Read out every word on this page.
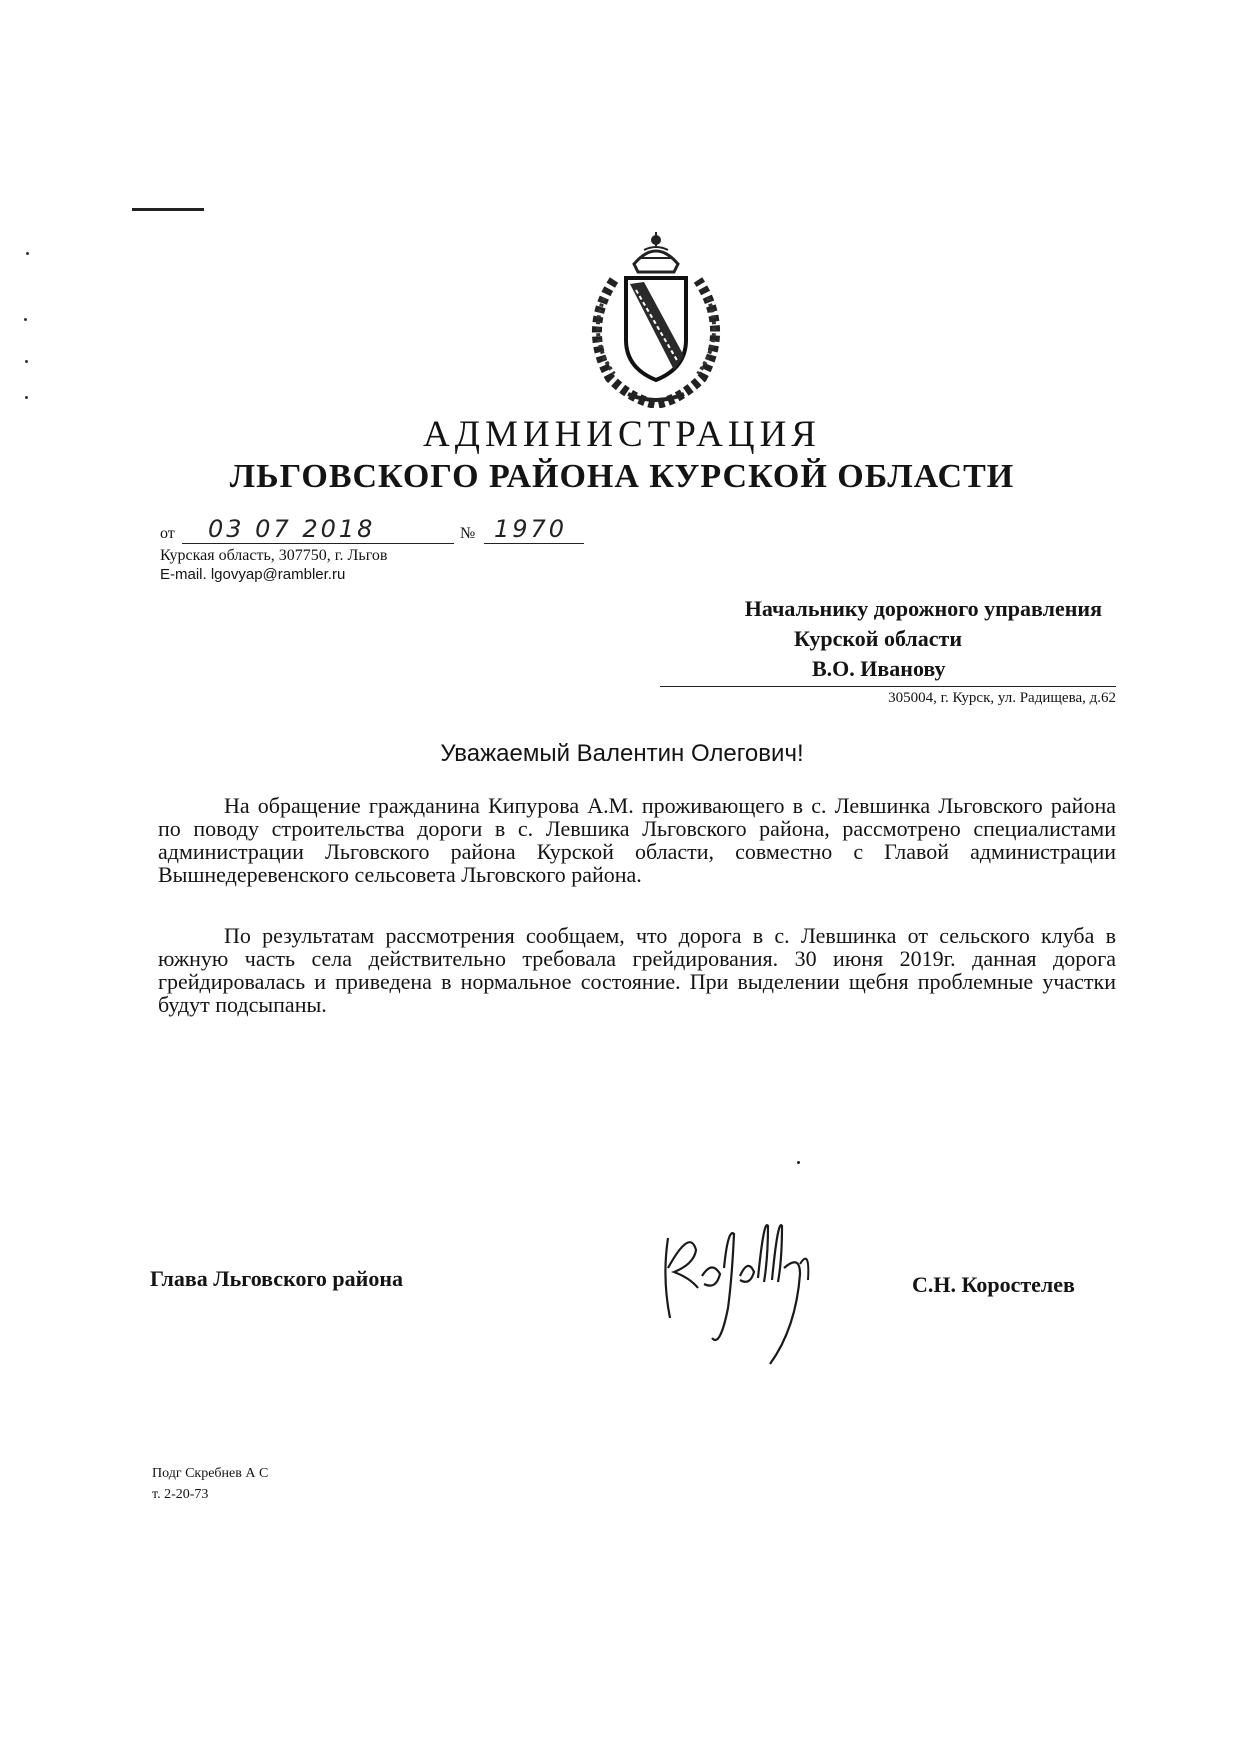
АДМИНИСТРАЦИЯ
ЛЬГОВСКОГО РАЙОНА КУРСКОЙ ОБЛАСТИ
от 03 07 2018	№ 1970
Курская область, 307750, г. Льгов
E-mail. lgovyap@rambler.ru
Начальнику дорожного управления
Курской области
В.О. Иванову
305004, г. Курск, ул. Радищева, д.62
Уважаемый Валентин Олегович!

На обращение гражданина Кипурова А.М. проживающего в с. Левшинка Льговского района по поводу строительства дороги в с. Левшика Льговского района, рассмотрено специалистами администрации Льговского района Курской области, совместно с Главой администрации Вышнедеревенского сельсовета Льговского района.

По результатам рассмотрения сообщаем, что дорога в с. Левшинка от сельского клуба в южную часть села действительно требовала грейдирования. 30 июня 2019г. данная дорога грейдировалась и приведена в нормальное состояние. При выделении щебня проблемные участки будут подсыпаны.

Глава Льговского района	С.Н. Коростелев
Подг Скребнев А С
т. 2-20-73
